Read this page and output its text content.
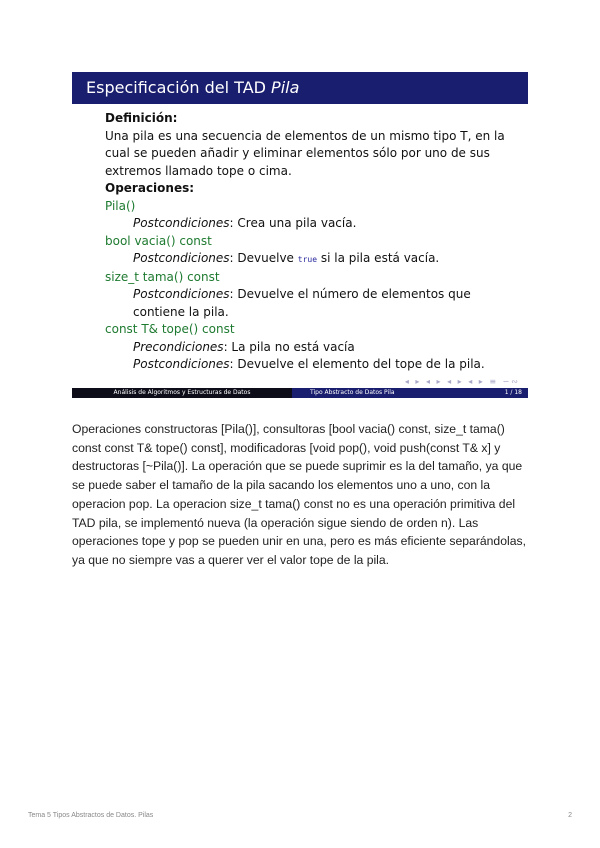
Especificación del TAD Pila

Definición:

Una pila es una secuencia de elementos de un mismo tipo T, en la cual se pueden añadir y eliminar elementos sólo por uno de sus extremos llamado tope o cima.

Operaciones:

Pila()

Postcondiciones: Crea una pila vacía.

bool vacia() const

Postcondiciones: Devuelve true si la pila está vacía.

size_t tama() const

Postcondiciones: Devuelve el número de elementos que contiene la pila.

const T& tope() const

Precondiciones: La pila no está vacía

Postcondiciones: Devuelve el elemento del tope de la pila.

◂ ▸ ◂ ▸ ◂ ▸ ◂ ▸ ≡ ∽∾
Análisis de Algoritmos y Estructuras de Datos	Tipo Abstracto de Datos Pila	1 / 18
Operaciones constructoras [Pila()], consultoras [bool vacia() const, size_t tama() const const T& tope() const], modificadoras [void pop(), void push(const T& x] y destructoras [~Pila()]. La operación que se puede suprimir es la del tamaño, ya que se puede saber el tamaño de la pila sacando los elementos uno a uno, con la operacion pop. La operacion size_t tama() const no es una operación primitiva del TAD pila, se implementó nueva (la operación sigue siendo de orden n). Las operaciones tope y pop se pueden unir en una, pero es más eficiente separándolas, ya que no siempre vas a querer ver el valor tope de la pila.
Tema 5 Tipos Abstractos de Datos. Pilas	2
